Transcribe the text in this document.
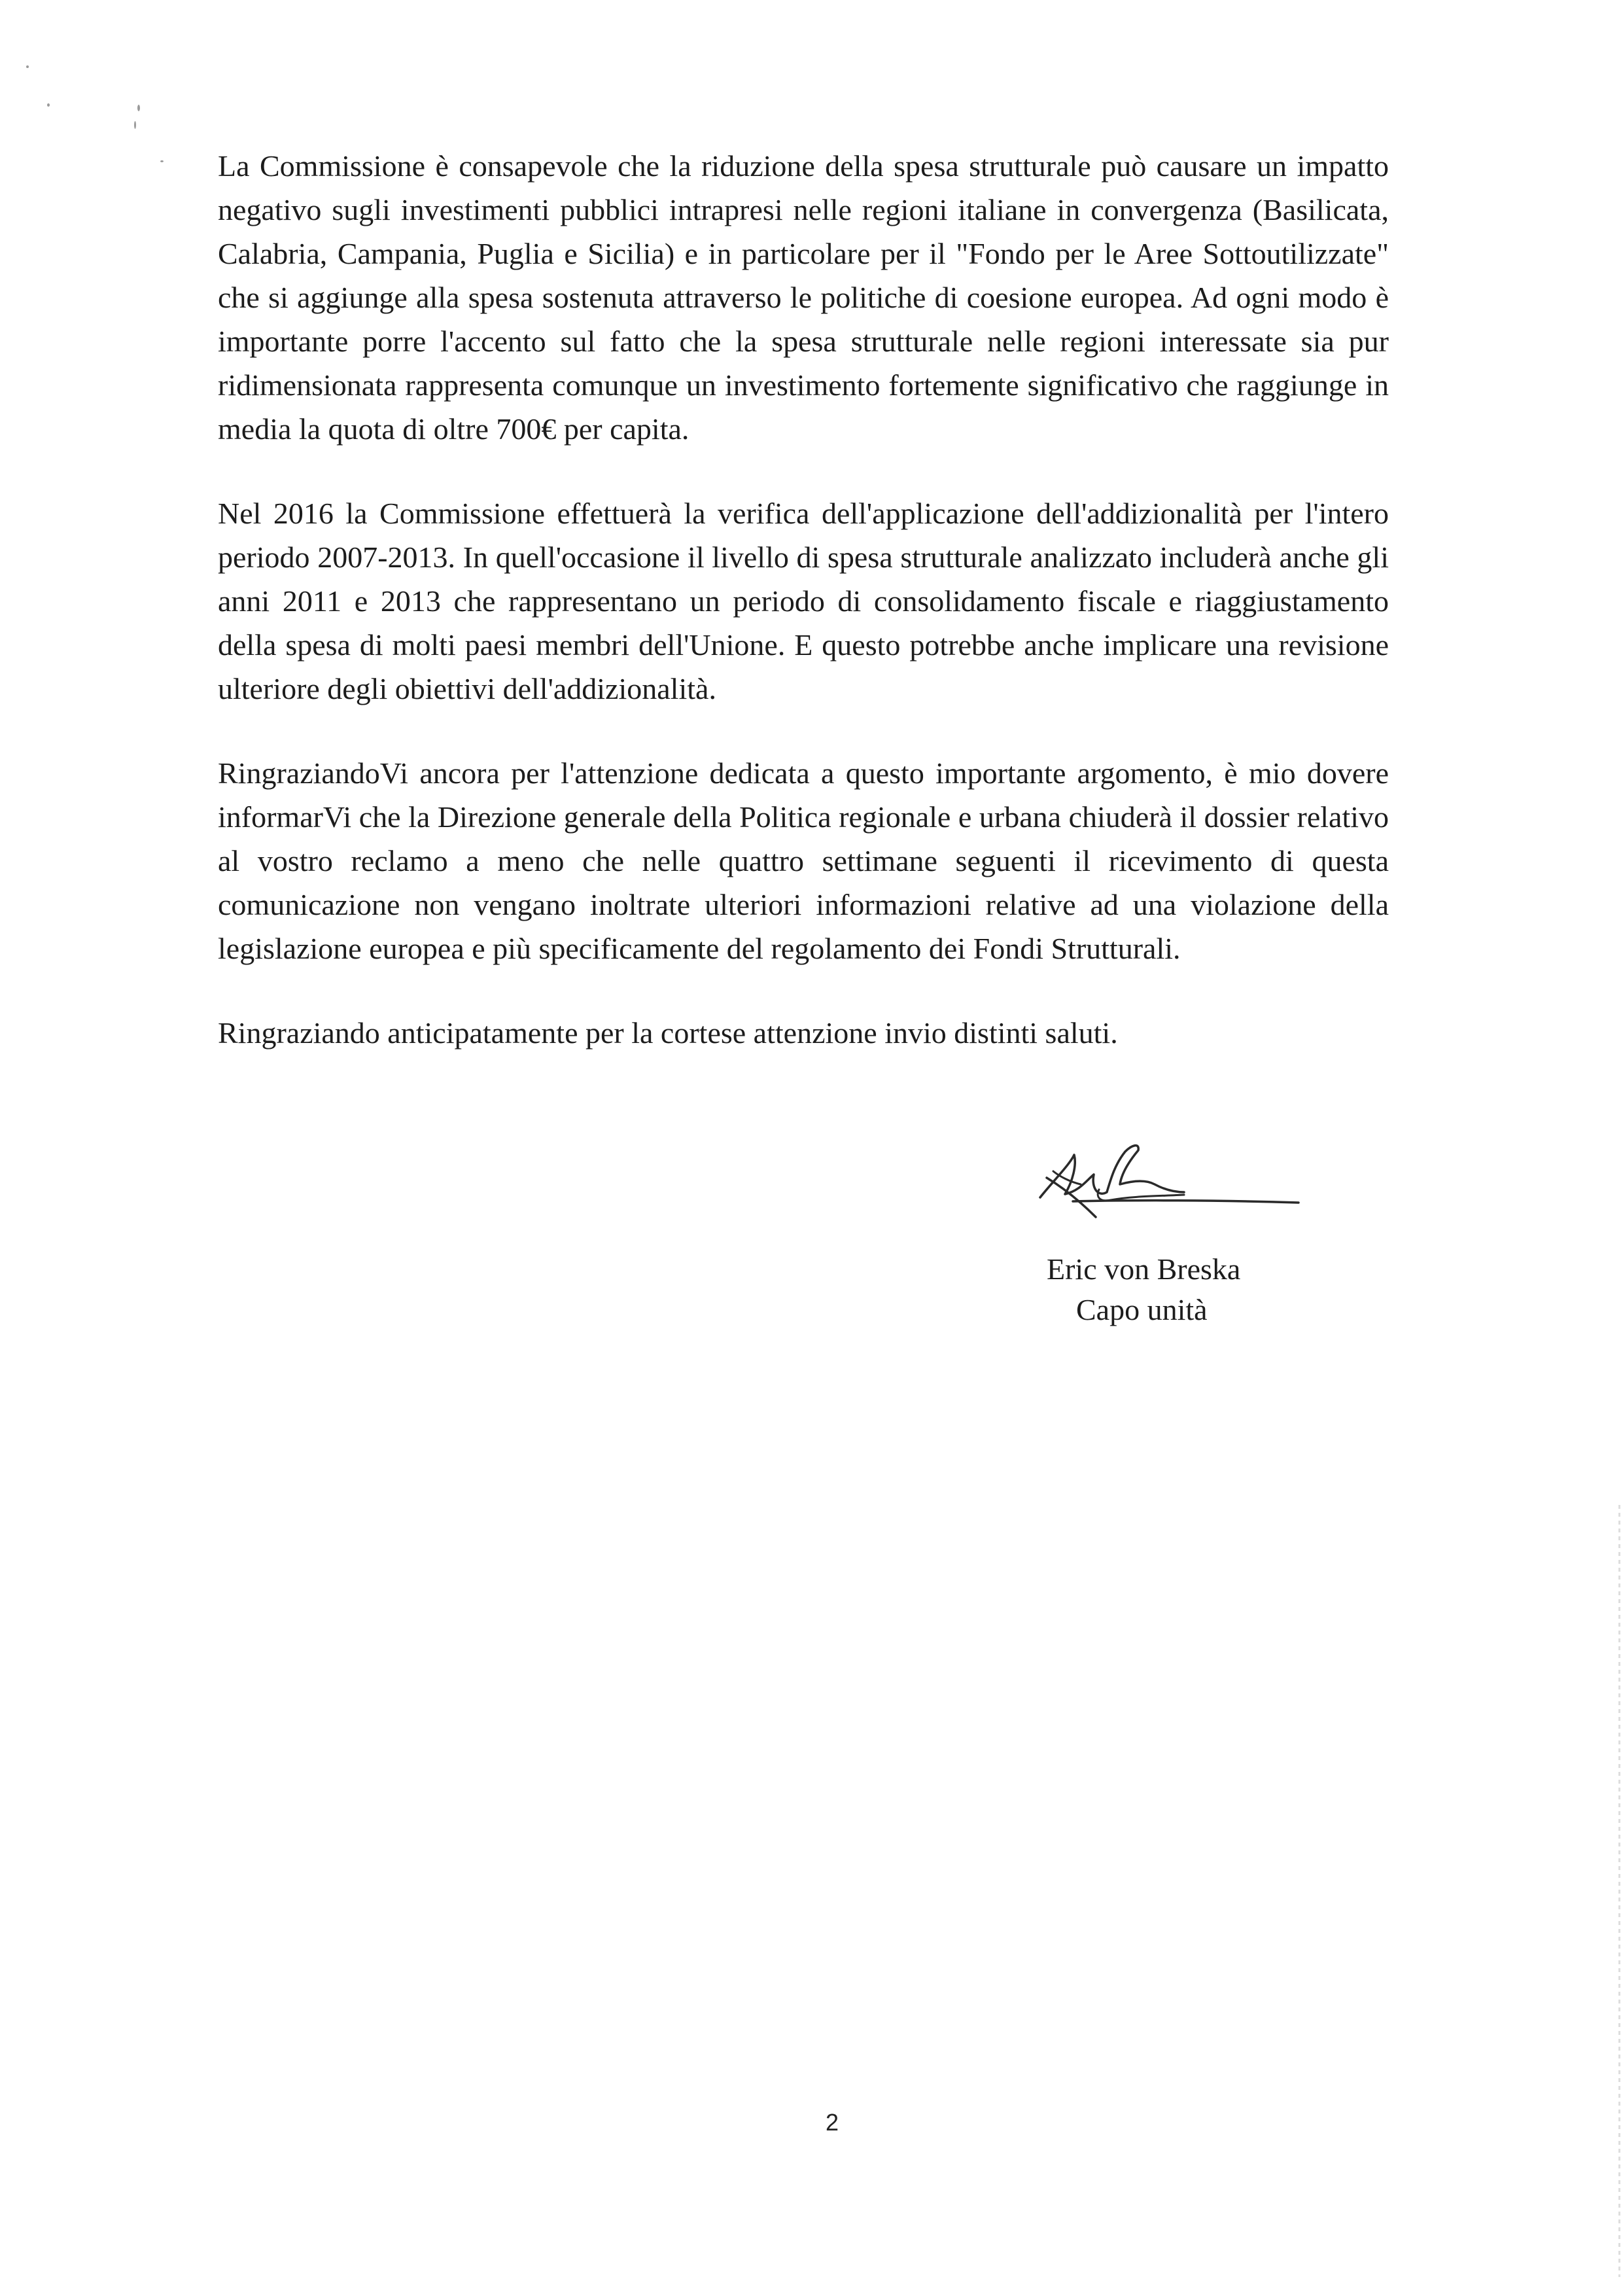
La Commissione è consapevole che la riduzione della spesa strutturale può causare un impatto negativo sugli investimenti pubblici intrapresi nelle regioni italiane in convergenza (Basilicata, Calabria, Campania, Puglia e Sicilia) e in particolare per il "Fondo per le Aree Sottoutilizzate" che si aggiunge alla spesa sostenuta attraverso le politiche di coesione europea. Ad ogni modo è importante porre l'accento sul fatto che la spesa strutturale nelle regioni interessate sia pur ridimensionata rappresenta comunque un investimento fortemente significativo che raggiunge in media la quota di oltre 700€ per capita.

Nel 2016 la Commissione effettuerà la verifica dell'applicazione dell'addizionalità per l'intero periodo 2007-2013. In quell'occasione il livello di spesa strutturale analizzato includerà anche gli anni 2011 e 2013 che rappresentano un periodo di consolidamento fiscale e riaggiustamento della spesa di molti paesi membri dell'Unione. E questo potrebbe anche implicare una revisione ulteriore degli obiettivi dell'addizionalità.

RingraziandoVi ancora per l'attenzione dedicata a questo importante argomento, è mio dovere informarVi che la Direzione generale della Politica regionale e urbana chiuderà il dossier relativo al vostro reclamo a meno che nelle quattro settimane seguenti il ricevimento di questa comunicazione non vengano inoltrate ulteriori informazioni relative ad una violazione della legislazione europea e più specificamente del regolamento dei Fondi Strutturali.

Ringraziando anticipatamente per la cortese attenzione invio distinti saluti.

Eric von Breska
Capo unità
2
